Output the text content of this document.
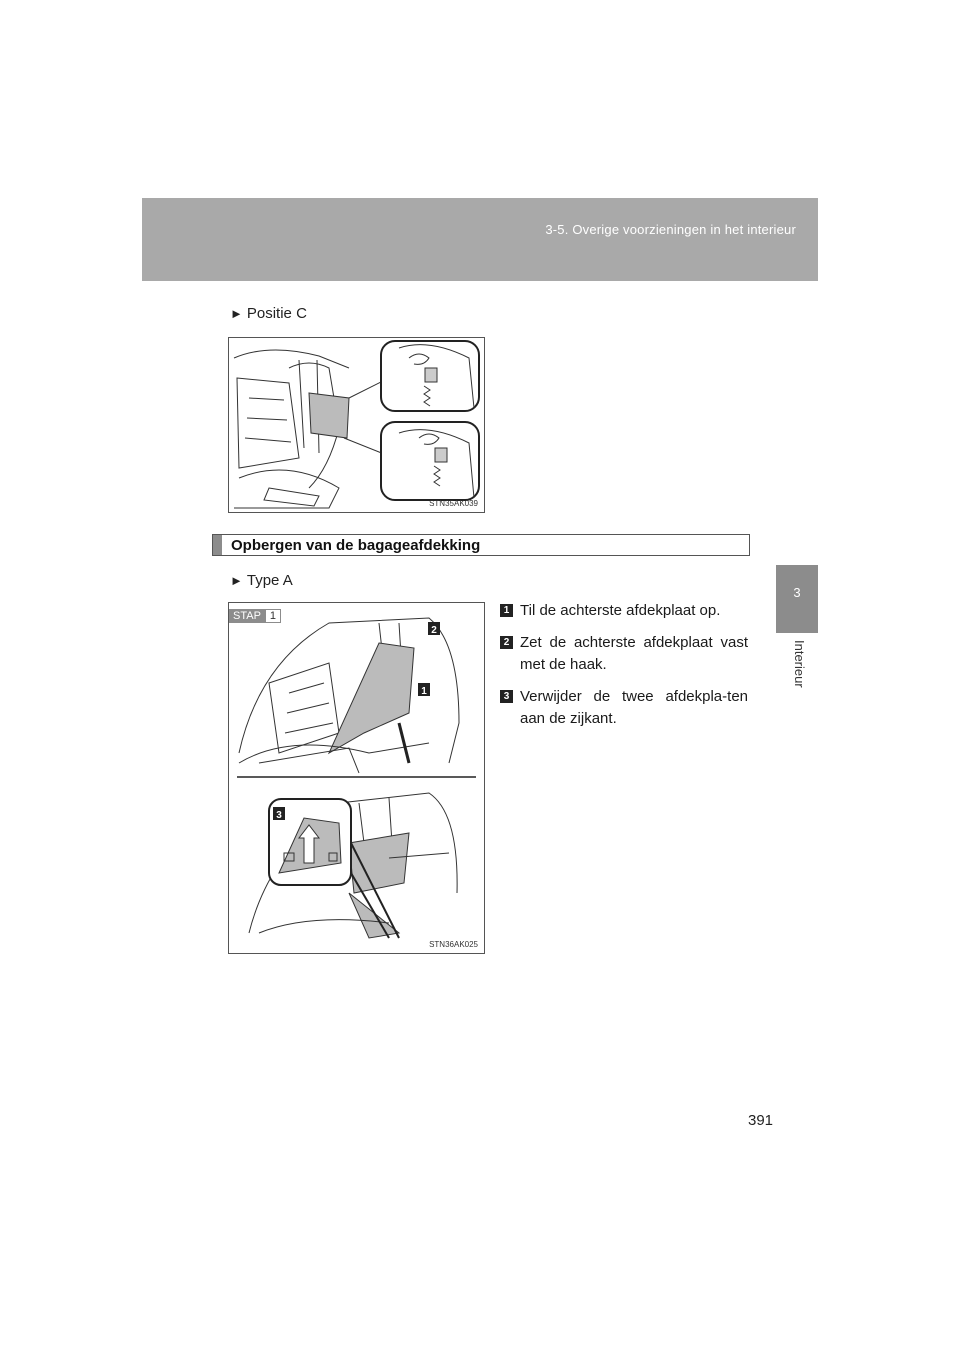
3-5. Overige voorzieningen in het interieur
3
Interieur
► Positie C
STN35AK039
Opbergen van de bagageafdekking
► Type A
2
1
3
STN36AK025
STAP 1	1 Til de achterste afdekplaat op.
2 Zet de achterste afdekplaat vast met de haak.
3 Verwijder de twee afdekpla-ten aan de zijkant.
391
